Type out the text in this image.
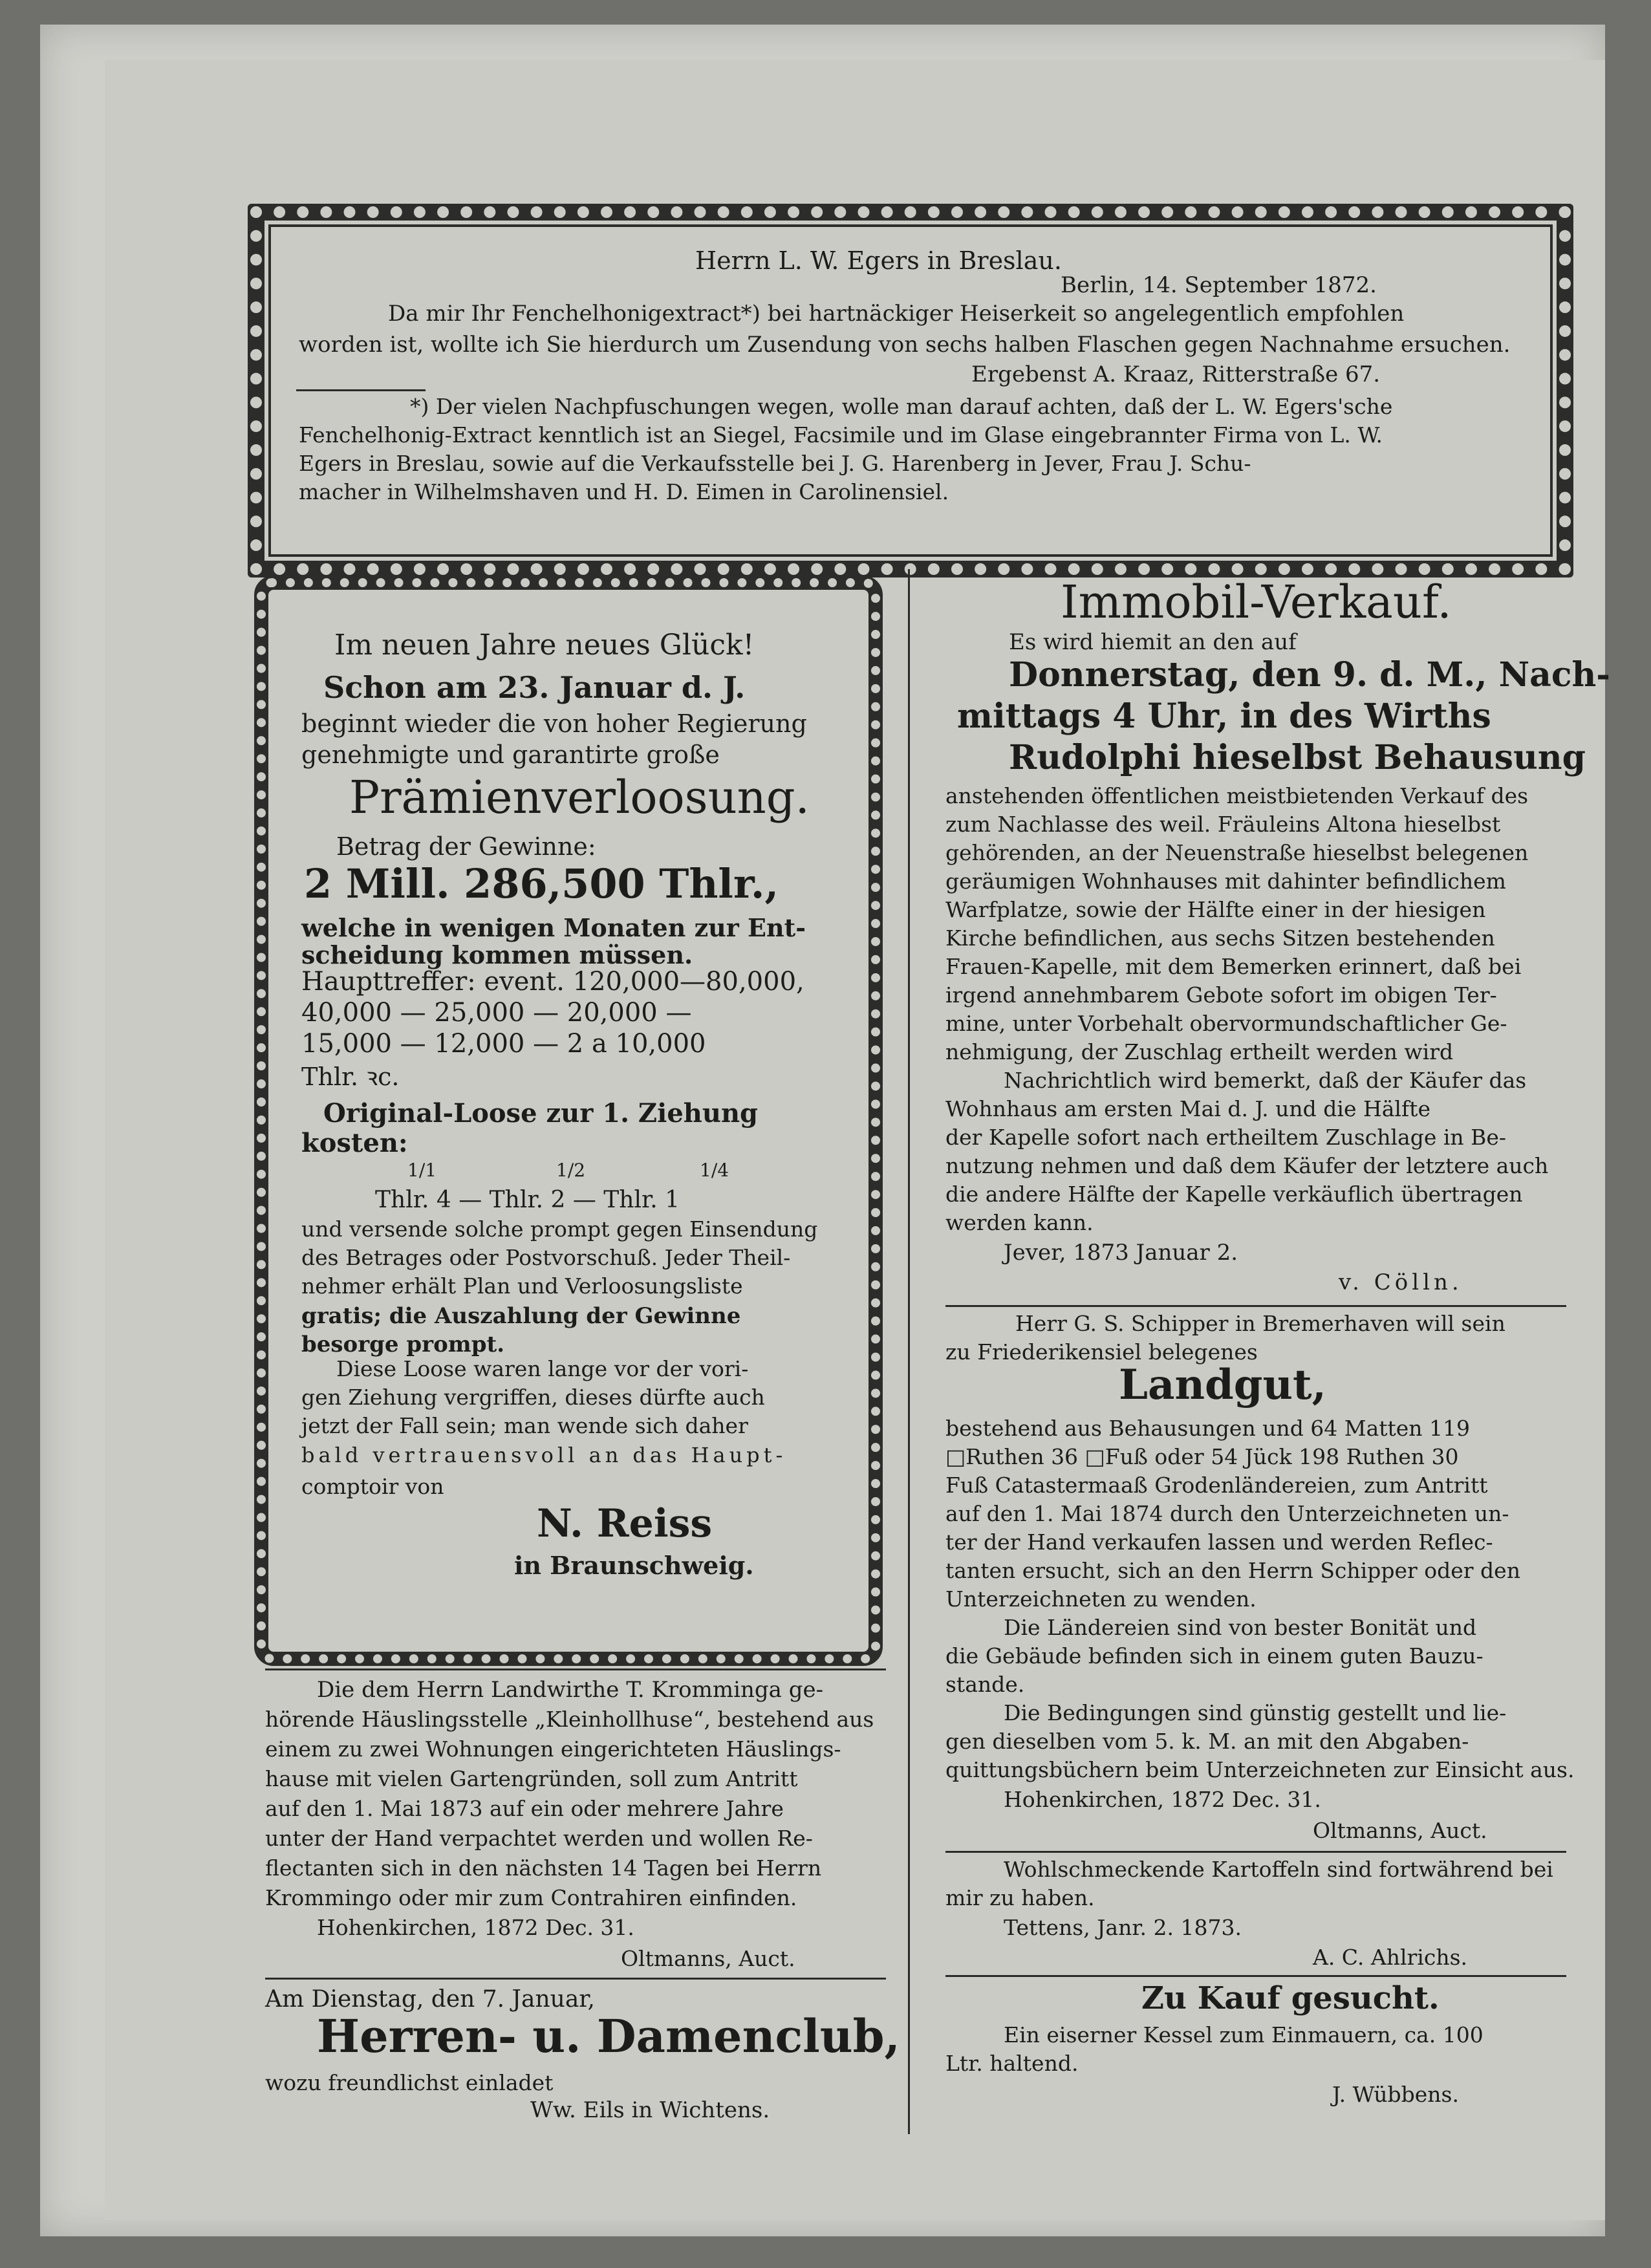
Herrn L. W. Egers in Breslau.

Berlin, 14. September 1872.

Da mir Ihr Fenchelhonigextract*) bei hartnäckiger Heiserkeit so angelegentlich empfohlen

worden ist, wollte ich Sie hierdurch um Zusendung von sechs halben Flaschen gegen Nachnahme ersuchen.

Ergebenst A. Kraaz, Ritterstraße 67.

*) Der vielen Nachpfuschungen wegen, wolle man darauf achten, daß der L. W. Egers'sche

Fenchelhonig-Extract kenntlich ist an Siegel, Facsimile und im Glase eingebrannter Firma von L. W.

Egers in Breslau, sowie auf die Verkaufsstelle bei J. G. Harenberg in Jever, Frau J. Schu-

macher in Wilhelmshaven und H. D. Eimen in Carolinensiel.

Im neuen Jahre neues Glück!

Schon am 23. Januar d. J.

beginnt wieder die von hoher Regierung

genehmigte und garantirte große

Prämienverloosung.

Betrag der Gewinne:

2 Mill. 286,500 Thlr.,

welche in wenigen Monaten zur Ent-

scheidung kommen müssen.

Haupttreffer: event. 120,000—80,000,

40,000 — 25,000 — 20,000 —

15,000 — 12,000 — 2 a 10,000

Thlr. ꝛc.

Original-Loose zur 1. Ziehung

kosten:

1/1	1/2	1/4

Thlr. 4 — Thlr. 2 — Thlr. 1

und versende solche prompt gegen Einsendung

des Betrages oder Postvorschuß. Jeder Theil-

nehmer erhält Plan und Verloosungsliste

gratis; die Auszahlung der Gewinne

besorge prompt.

Diese Loose waren lange vor der vori-

gen Ziehung vergriffen, dieses dürfte auch

jetzt der Fall sein; man wende sich daher

bald vertrauensvoll an das Haupt-

comptoir von

N. Reiss

in Braunschweig.

Die dem Herrn Landwirthe T. Kromminga ge-

hörende Häuslingsstelle „Kleinhollhuse“, bestehend aus

einem zu zwei Wohnungen eingerichteten Häuslings-

hause mit vielen Gartengründen, soll zum Antritt

auf den 1. Mai 1873 auf ein oder mehrere Jahre

unter der Hand verpachtet werden und wollen Re-

flectanten sich in den nächsten 14 Tagen bei Herrn

Krommingo oder mir zum Contrahiren einfinden.

Hohenkirchen, 1872 Dec. 31.

Oltmanns, Auct.

Am Dienstag, den 7. Januar,

Herren- u. Damenclub,

wozu freundlichst einladet

Ww. Eils in Wichtens.

Immobil-Verkauf.

Es wird hiemit an den auf

Donnerstag, den 9. d. M., Nach-

mittags 4 Uhr, in des Wirths

Rudolphi hieselbst Behausung

anstehenden öffentlichen meistbietenden Verkauf des

zum Nachlasse des weil. Fräuleins Altona hieselbst

gehörenden, an der Neuenstraße hieselbst belegenen

geräumigen Wohnhauses mit dahinter befindlichem

Warfplatze, sowie der Hälfte einer in der hiesigen

Kirche befindlichen, aus sechs Sitzen bestehenden

Frauen-Kapelle, mit dem Bemerken erinnert, daß bei

irgend annehmbarem Gebote sofort im obigen Ter-

mine, unter Vorbehalt obervormundschaftlicher Ge-

nehmigung, der Zuschlag ertheilt werden wird

Nachrichtlich wird bemerkt, daß der Käufer das

Wohnhaus am ersten Mai d. J. und die Hälfte

der Kapelle sofort nach ertheiltem Zuschlage in Be-

nutzung nehmen und daß dem Käufer der letztere auch

die andere Hälfte der Kapelle verkäuflich übertragen

werden kann.

Jever, 1873 Januar 2.

v. Cölln.

Herr G. S. Schipper in Bremerhaven will sein

zu Friederikensiel belegenes

Landgut,

bestehend aus Behausungen und 64 Matten 119

□Ruthen 36 □Fuß oder 54 Jück 198 Ruthen 30

Fuß Catastermaaß Grodenländereien, zum Antritt

auf den 1. Mai 1874 durch den Unterzeichneten un-

ter der Hand verkaufen lassen und werden Reflec-

tanten ersucht, sich an den Herrn Schipper oder den

Unterzeichneten zu wenden.

Die Ländereien sind von bester Bonität und

die Gebäude befinden sich in einem guten Bauzu-

stande.

Die Bedingungen sind günstig gestellt und lie-

gen dieselben vom 5. k. M. an mit den Abgaben-

quittungsbüchern beim Unterzeichneten zur Einsicht aus.

Hohenkirchen, 1872 Dec. 31.

Oltmanns, Auct.

Wohlschmeckende Kartoffeln sind fortwährend bei

mir zu haben.

Tettens, Janr. 2. 1873.

A. C. Ahlrichs.

Zu Kauf gesucht.

Ein eiserner Kessel zum Einmauern, ca. 100

Ltr. haltend.

J. Wübbens.
